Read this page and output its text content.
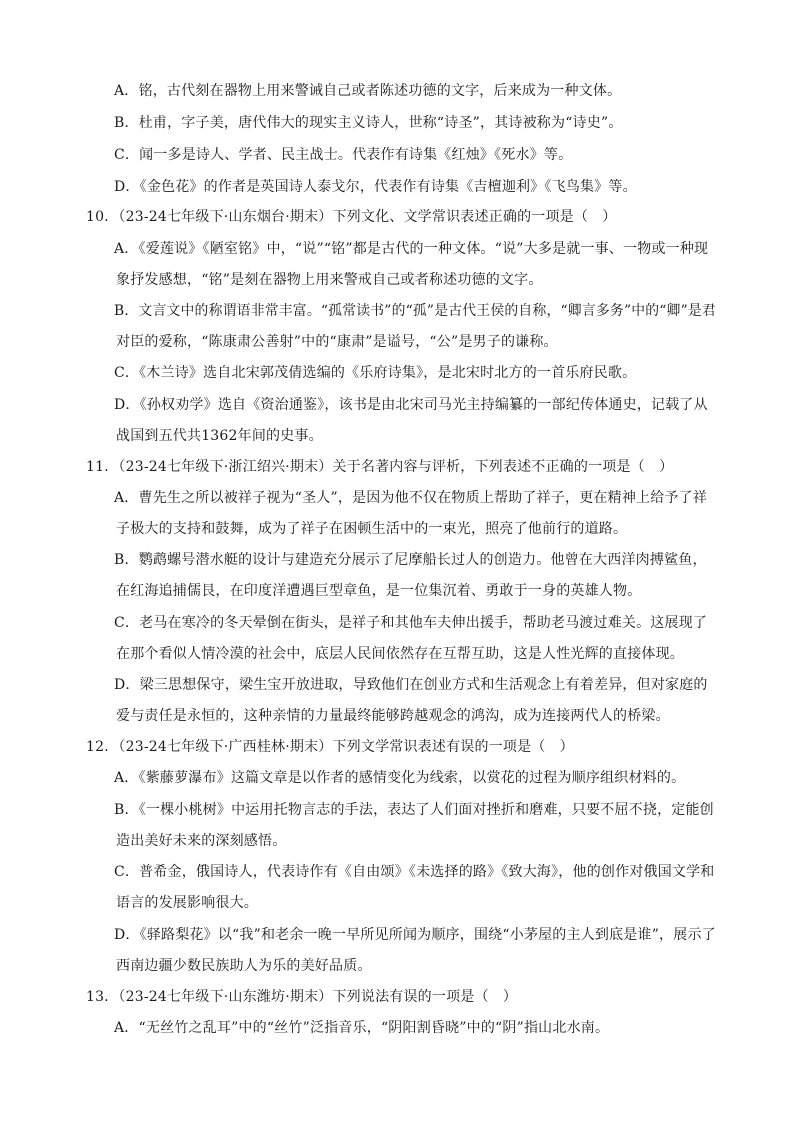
A．铭，古代刻在器物上用来警诫自己或者陈述功德的文字，后来成为一种文体。
B．杜甫，字子美，唐代伟大的现实主义诗人，世称“诗圣”，其诗被称为“诗史”。
C．闻一多是诗人、学者、民主战士。代表作有诗集《红烛》《死水》等。
D．《金色花》的作者是英国诗人泰戈尔，代表作有诗集《吉檀迦利》《飞鸟集》等。
10．（23-24七年级下·山东烟台·期末）下列文化、文学常识表述正确的一项是（　）
A．《爱莲说》《陋室铭》中，“说”“铭”都是古代的一种文体。“说”大多是就一事、一物或一种现
象抒发感想，“铭”是刻在器物上用来警戒自己或者称述功德的文字。
B．文言文中的称谓语非常丰富。“孤常读书”的“孤”是古代王侯的自称，“卿言多务”中的“卿”是君
对臣的爱称，“陈康肃公善射”中的“康肃”是谥号，“公”是男子的谦称。
C．《木兰诗》选自北宋郭茂倩选编的《乐府诗集》，是北宋时北方的一首乐府民歌。
D．《孙权劝学》选自《资治通鉴》，该书是由北宋司马光主持编纂的一部纪传体通史，记载了从
战国到五代共1362年间的史事。
11．（23-24七年级下·浙江绍兴·期末）关于名著内容与评析，下列表述不正确的一项是（　）
A．曹先生之所以被祥子视为“圣人”，是因为他不仅在物质上帮助了祥子，更在精神上给予了祥
子极大的支持和鼓舞，成为了祥子在困顿生活中的一束光，照亮了他前行的道路。
B．鹦鹉螺号潜水艇的设计与建造充分展示了尼摩船长过人的创造力。他曾在大西洋肉搏鲨鱼，
在红海追捕儒艮，在印度洋遭遇巨型章鱼，是一位集沉着、勇敢于一身的英雄人物。
C．老马在寒冷的冬天晕倒在街头，是祥子和其他车夫伸出援手，帮助老马渡过难关。这展现了
在那个看似人情冷漠的社会中，底层人民间依然存在互帮互助，这是人性光辉的直接体现。
D．梁三思想保守，梁生宝开放进取，导致他们在创业方式和生活观念上有着差异，但对家庭的
爱与责任是永恒的，这种亲情的力量最终能够跨越观念的鸿沟，成为连接两代人的桥梁。
12．（23-24七年级下·广西桂林·期末）下列文学常识表述有误的一项是（　）
A．《紫藤萝瀑布》这篇文章是以作者的感情变化为线索，以赏花的过程为顺序组织材料的。
B．《一棵小桃树》中运用托物言志的手法，表达了人们面对挫折和磨难，只要不屈不挠，定能创
造出美好未来的深刻感悟。
C．普希金，俄国诗人，代表诗作有《自由颂》《未选择的路》《致大海》，他的创作对俄国文学和
语言的发展影响很大。
D．《驿路梨花》以“我”和老余一晚一早所见所闻为顺序，围绕“小茅屋的主人到底是谁”，展示了
西南边疆少数民族助人为乐的美好品质。
13．（23-24七年级下·山东潍坊·期末）下列说法有误的一项是（　）
A．“无丝竹之乱耳”中的“丝竹”泛指音乐，“阴阳割昏晓”中的“阴”指山北水南。
